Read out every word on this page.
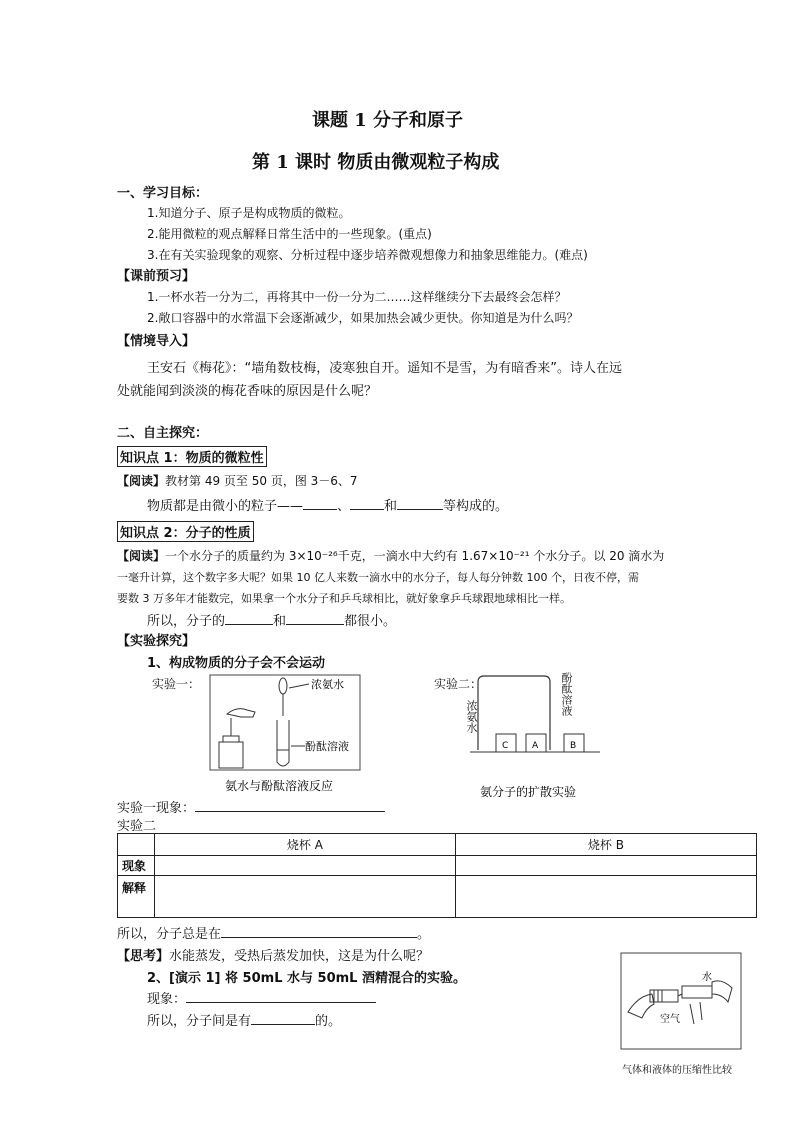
课题 1 分子和原子
第 1 课时 物质由微观粒子构成
一、学习目标：
1.知道分子、原子是构成物质的微粒。
2.能用微粒的观点解释日常生活中的一些现象。(重点)
3.在有关实验现象的观察、分析过程中逐步培养微观想像力和抽象思维能力。(难点)
【课前预习】
1.一杯水若一分为二，再将其中一份一分为二……这样继续分下去最终会怎样？
2.敞口容器中的水常温下会逐渐减少，如果加热会减少更快。你知道是为什么吗？
【情境导入】
王安石《梅花》：“墙角数枝梅，凌寒独自开。遥知不是雪，为有暗香来”。诗人在远
处就能闻到淡淡的梅花香味的原因是什么呢？
二、自主探究：
知识点 1：物质的微粒性
【阅读】教材第 49 页至 50 页，图 3－6、7
物质都是由微小的粒子——	、	和	等构成的。
知识点 2：分子的性质
【阅读】一个水分子的质量约为 3×10⁻²⁶千克，一滴水中大约有 1.67×10⁻²¹ 个水分子。以 20 滴水为
一毫升计算，这个数字多大呢？如果 10 亿人来数一滴水中的水分子，每人每分钟数 100 个，日夜不停，需
要数 3 万多年才能数完，如果拿一个水分子和乒乓球相比，就好象拿乒乓球跟地球相比一样。
所以，分子的	和	都很小。
【实验探究】
1、构成物质的分子会不会运动
实验一：	浓氨水
酚酞溶液
氨水与酚酞溶液反应
实验二：
C	A	B
氨分子的扩散实验
浓氨水
酚酞溶液
实验一现象：
实验二
	烧杯 A	烧杯 B
现象		
解释		
所以，分子总是在	。
【思考】水能蒸发，受热后蒸发加快，这是为什么呢？
2、[演示 1] 将 50mL 水与 50mL 酒精混合的实验。
现象：
所以，分子间是有	的。	空气
水
气体和液体的压缩性比较
